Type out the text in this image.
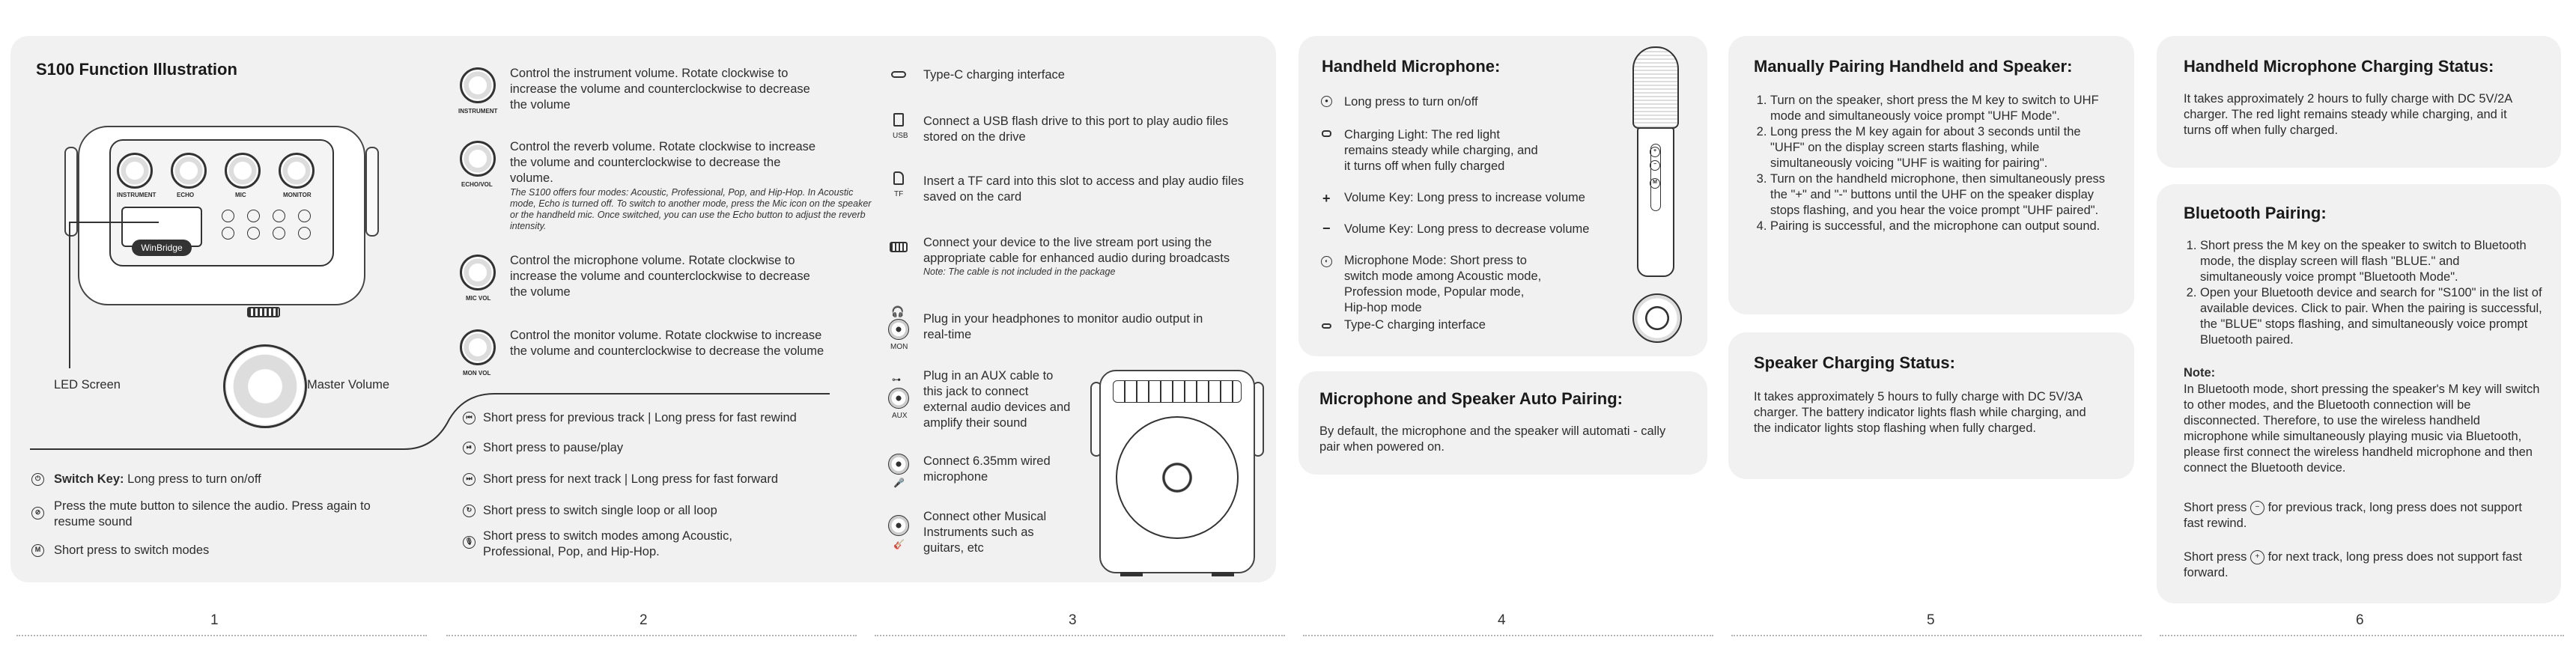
S100 Function Illustration
INSTRUMENT	ECHO	MIC	MONITOR
WinBridge
Master Volume
LED Screen
⏻ Switch Key: Long press to turn on/off
⊘ Press the mute button to silence the audio. Press again to resume sound
M Short press to switch modes
INSTRUMENT
Control the instrument volume. Rotate clockwise to increase the volume and counterclockwise to decrease the volume
ECHO/VOL
Control the reverb volume. Rotate clockwise to increase the volume and counterclockwise to decrease the volume.
The S100 offers four modes: Acoustic, Professional, Pop, and Hip-Hop. In Acoustic mode, Echo is turned off. To switch to another mode, press the Mic icon on the speaker or the handheld mic. Once switched, you can use the Echo button to adjust the reverb intensity.
MIC VOL
Control the microphone volume. Rotate clockwise to increase the volume and counterclockwise to decrease the volume
MON VOL
Control the monitor volume. Rotate clockwise to increase the volume and counterclockwise to decrease the volume
⏮ Short press for previous track | Long press for fast rewind
⏯ Short press to pause/play
⏭ Short press for next track | Long press for fast forward
↻ Short press to switch single loop or all loop
🎙 Short press to switch modes among Acoustic, Professional, Pop, and Hip-Hop.
Type-C charging interface
USB
Connect a USB flash drive to this port to play audio files stored on the drive
TF
Insert a TF card into this slot to access and play audio files saved on the card
Connect your device to the live stream port using the appropriate cable for enhanced audio during broadcasts
Note: The cable is not included in the package
🎧
MON
Plug in your headphones to monitor audio output in real-time
⊶
AUX
Plug in an AUX cable to this jack to connect external audio devices and amplify their sound
🎤
Connect 6.35mm wired microphone
🎸
Connect other Musical Instruments such as guitars, etc
Handheld Microphone:
●	Long press to turn on/off
Charging Light: The red light remains steady while charging, and it turns off when fully charged
+ Volume Key: Long press to increase volume
− Volume Key: Long press to decrease volume
◐	Microphone Mode: Short press to switch mode among Acoustic mode, Profession mode, Popular mode, Hip-hop mode
Type-C charging interface
+
−
M
Microphone and Speaker Auto Pairing:
By default, the microphone and the speaker will automati - cally pair when powered on.
Manually Pairing Handheld and Speaker:
1. Turn on the speaker, short press the M key to switch to UHF mode and simultaneously voice prompt "UHF Mode".
2. Long press the M key again for about 3 seconds until the "UHF" on the display screen starts flashing, while simultaneously voicing "UHF is waiting for pairing".
3. Turn on the handheld microphone, then simultaneously press the "+" and "-" buttons until the UHF on the speaker display stops flashing, and you hear the voice prompt "UHF paired".
4. Pairing is successful, and the microphone can output sound.
Speaker Charging Status:
It takes approximately 5 hours to fully charge with DC 5V/3A charger. The battery indicator lights flash while charging, and the indicator lights stop flashing when fully charged.
Handheld Microphone Charging Status:
It takes approximately 2 hours to fully charge with DC 5V/2A charger. The red light remains steady while charging, and it turns off when fully charged.
Bluetooth Pairing:
1. Short press the M key on the speaker to switch to Bluetooth mode, the display screen will flash "BLUE." and simultaneously voice prompt "Bluetooth Mode".
2. Open your Bluetooth device and search for "S100" in the list of available devices. Click to pair. When the pairing is successful, the "BLUE" stops flashing, and simultaneously voice prompt Bluetooth paired.
Note:
In Bluetooth mode, short pressing the speaker's M key will switch to other modes, and the Bluetooth connection will be disconnected. Therefore, to use the wireless handheld microphone while simultaneously playing music via Bluetooth, please first connect the wireless handheld microphone and then connect the Bluetooth device.
Short press − for previous track, long press does not support fast rewind.
Short press + for next track, long press does not support fast forward.
1	2	3	4	5	6
